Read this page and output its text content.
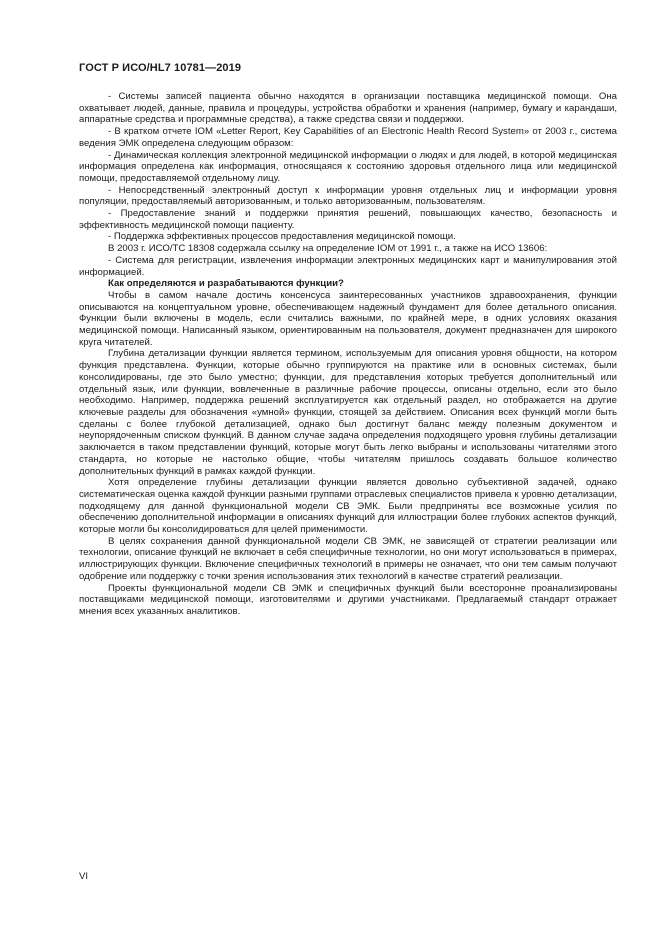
ГОСТ Р ИСО/HL7 10781—2019

- Системы записей пациента обычно находятся в организации поставщика медицинской помощи. Она охватывает людей, данные, правила и процедуры, устройства обработки и хранения (например, бумагу и карандаши, аппаратные средства и программные средства), а также средства связи и поддержки.

- В кратком отчете IOM «Letter Report, Key Capabilities of an Electronic Health Record System» от 2003 г., система ведения ЭМК определена следующим образом:

- Динамическая коллекция электронной медицинской информации о людях и для людей, в которой медицинская информация определена как информация, относящаяся к состоянию здоровья отдельного лица или медицинской помощи, предоставляемой отдельному лицу.

- Непосредственный электронный доступ к информации уровня отдельных лиц и информации уровня популяции, предоставляемый авторизованным, и только авторизованным, пользователям.

- Предоставление знаний и поддержки принятия решений, повышающих качество, безопасность и эффективность медицинской помощи пациенту.

- Поддержка эффективных процессов предоставления медицинской помощи.

В 2003 г. ИСО/ТС 18308 содержала ссылку на определение IOM от 1991 г., а также на ИСО 13606:

- Система для регистрации, извлечения информации электронных медицинских карт и манипулирования этой информацией.

Как определяются и разрабатываются функции?

Чтобы в самом начале достичь консенсуса заинтересованных участников здравоохранения, функции описываются на концептуальном уровне, обеспечивающем надежный фундамент для более детального описания. Функции были включены в модель, если считались важными, по крайней мере, в одних условиях оказания медицинской помощи. Написанный языком, ориентированным на пользователя, документ предназначен для широкого круга читателей.

Глубина детализации функции является термином, используемым для описания уровня общности, на котором функция представлена. Функции, которые обычно группируются на практике или в основных системах, были консолидированы, где это было уместно; функции, для представления которых требуется дополнительный или отдельный язык, или функции, вовлеченные в различные рабочие процессы, описаны отдельно, если это было необходимо. Например, поддержка решений эксплуатируется как отдельный раздел, но отображается на другие ключевые разделы для обозначения «умной» функции, стоящей за действием. Описания всех функций могли быть сделаны с более глубокой детализацией, однако был достигнут баланс между полезным документом и неупорядоченным списком функций. В данном случае задача определения подходящего уровня глубины детализации заключается в таком представлении функций, которые могут быть легко выбраны и использованы читателями этого стандарта, но которые не настолько общие, чтобы читателям пришлось создавать большое количество дополнительных функций в рамках каждой функции.

Хотя определение глубины детализации функции является довольно субъективной задачей, однако систематическая оценка каждой функции разными группами отраслевых специалистов привела к уровню детализации, подходящему для данной функциональной модели СВ ЭМК. Были предприняты все возможные усилия по обеспечению дополнительной информации в описаниях функций для иллюстрации более глубоких аспектов функций, которые могли бы консолидироваться для целей применимости.

В целях сохранения данной функциональной модели СВ ЭМК, не зависящей от стратегии реализации или технологии, описание функций не включает в себя специфичные технологии, но они могут использоваться в примерах, иллюстрирующих функции. Включение специфичных технологий в примеры не означает, что они тем самым получают одобрение или поддержку с точки зрения использования этих технологий в качестве стратегий реализации.

Проекты функциональной модели СВ ЭМК и специфичных функций были всесторонне проанализированы поставщиками медицинской помощи, изготовителями и другими участниками. Предлагаемый стандарт отражает мнения всех указанных аналитиков.

VI
